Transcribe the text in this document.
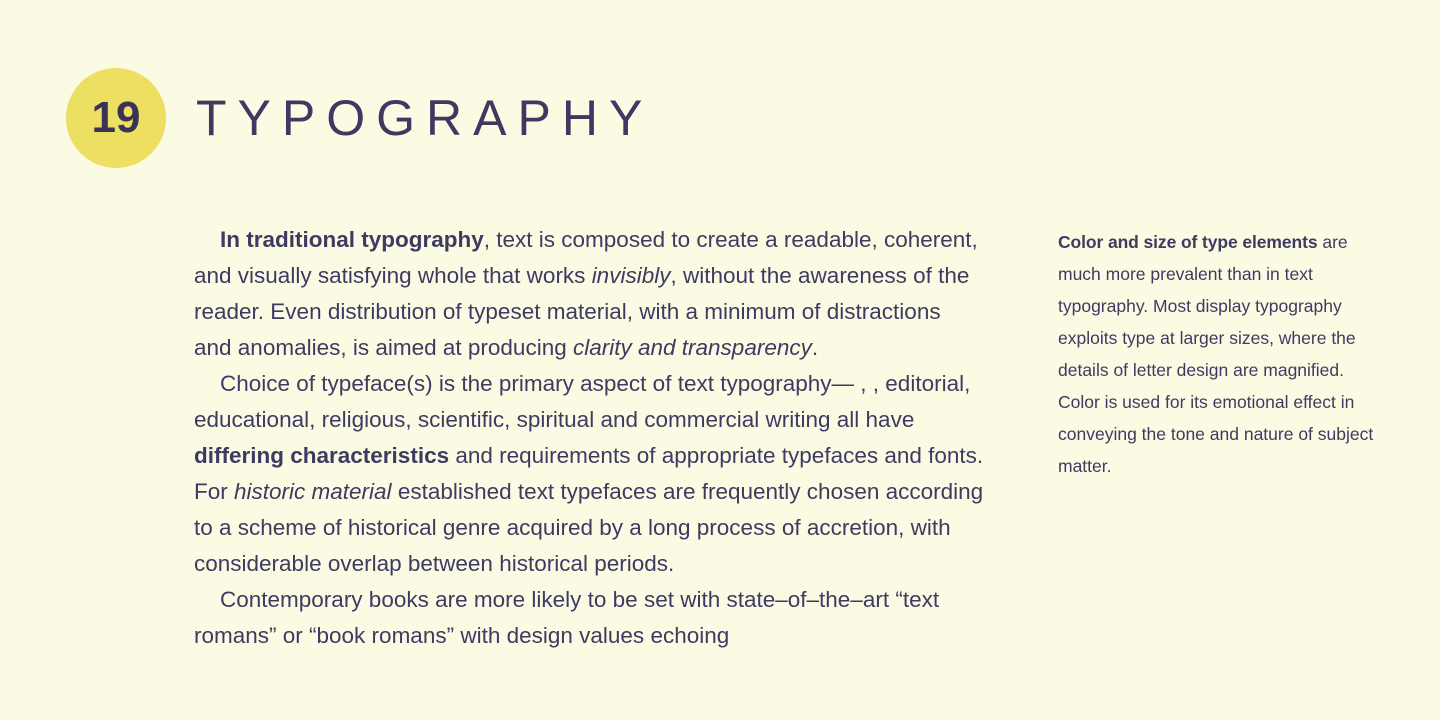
19 TYPOGRAPHY

In traditional typography, text is composed to create a readable, coherent, and visually satisfying whole that works invisibly, without the awareness of the reader. Even distribution of typeset material, with a minimum of distractions and anomalies, is aimed at producing clarity and transparency.

Choice of typeface(s) is the primary aspect of text typography— , , editorial, educational, religious, scientific, spiritual and commercial writing all have differing characteristics and requirements of appropriate typefaces and fonts. For historic material established text typefaces are frequently chosen according to a scheme of historical genre acquired by a long process of accretion, with considerable overlap between historical periods.

Contemporary books are more likely to be set with state–of–the–art “text romans” or “book romans” with design values echoing

Color and size of type elements are much more prevalent than in text typography. Most display typography exploits type at larger sizes, where the details of letter design are magnified. Color is used for its emotional effect in conveying the tone and nature of subject matter.
